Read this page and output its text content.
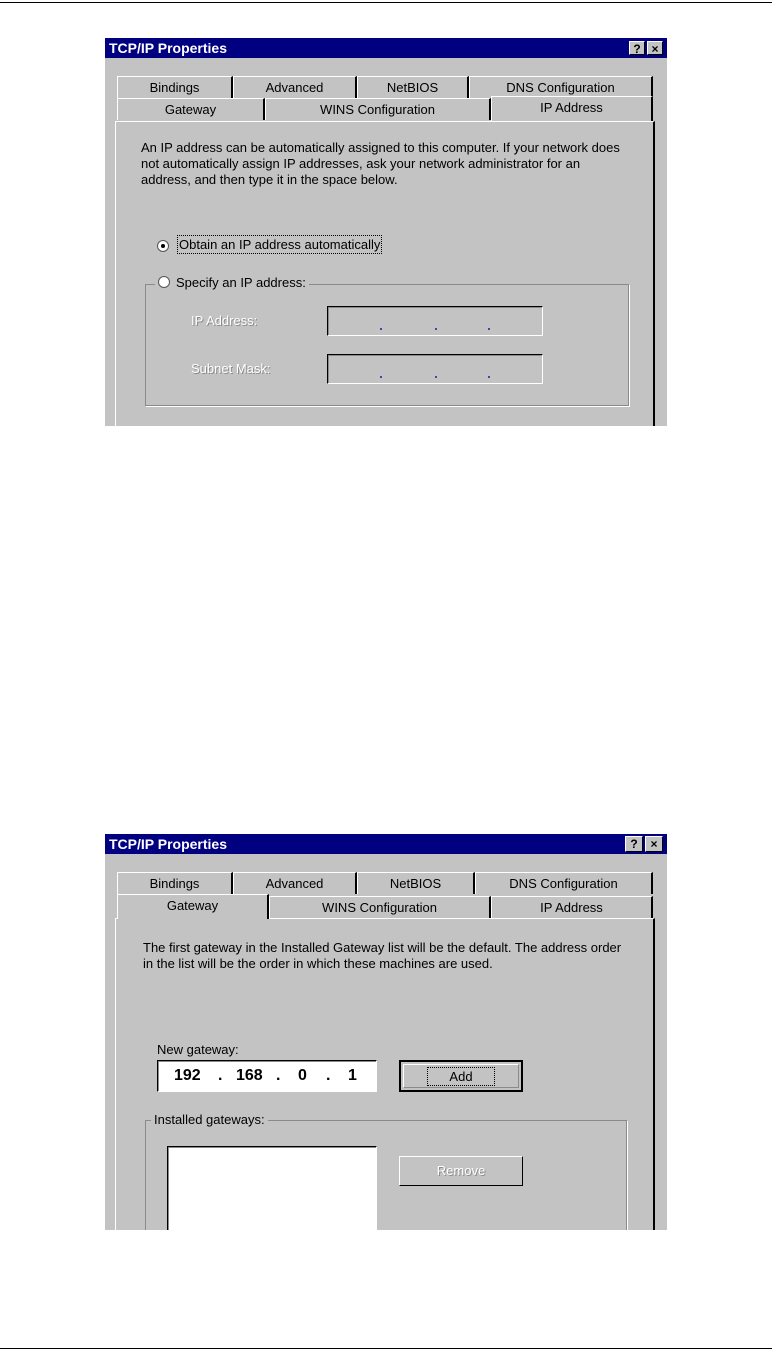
TCP/IP Properties	? ×
Bindings	Advanced	NetBIOS	DNS Configuration
Gateway	WINS Configuration	IP Address
An IP address can be automatically assigned to this computer. If your network does not automatically assign IP addresses, ask your network administrator for an address, and then type it in the space below.
Obtain an IP address automatically
Specify an IP address:
IP Address:
Subnet Mask:
TCP/IP Properties	?	×
Bindings	Advanced	NetBIOS	DNS Configuration
Gateway	WINS Configuration	IP Address
The first gateway in the Installed Gateway list will be the default. The address order in the list will be the order in which these machines are used.
New gateway:
192 . 168 . 0 . 1	Add
Installed gateways:
Remove
